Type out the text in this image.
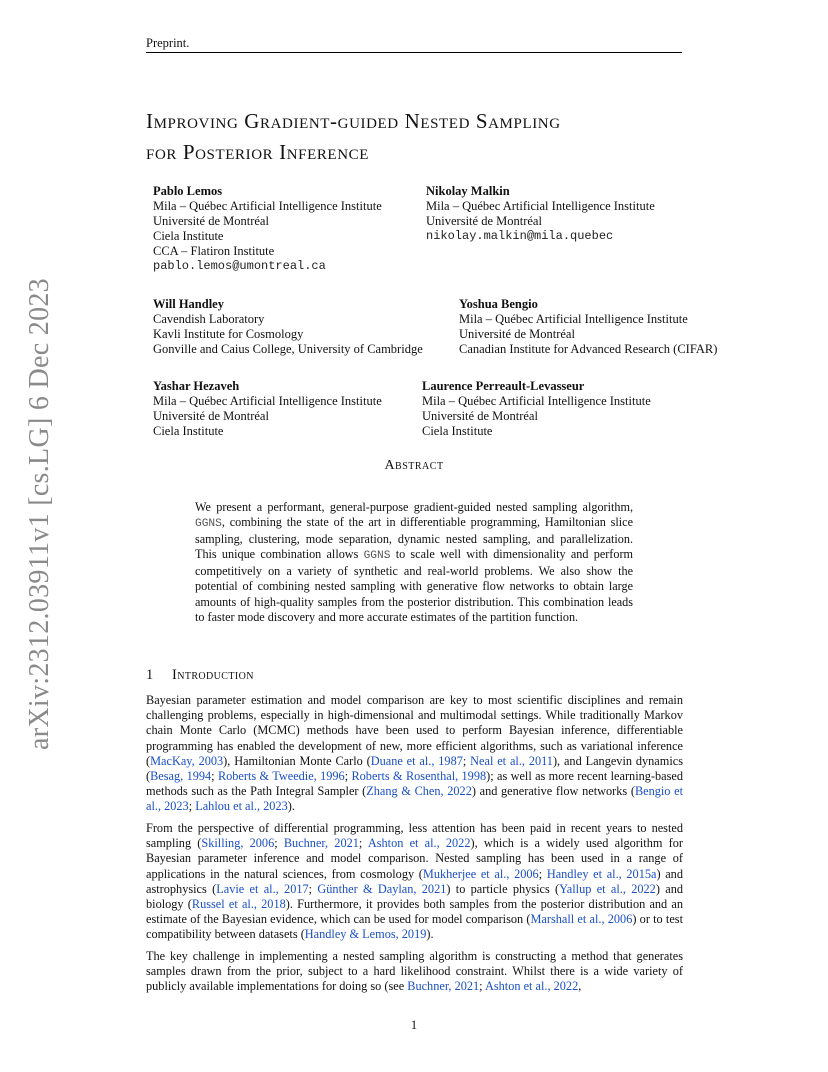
Preprint.
Improving Gradient-guided Nested Sampling
for Posterior Inference
Pablo Lemos
Mila – Québec Artificial Intelligence Institute
Université de Montréal
Ciela Institute
CCA – Flatiron Institute
pablo.lemos@umontreal.ca
Nikolay Malkin
Mila – Québec Artificial Intelligence Institute
Université de Montréal
nikolay.malkin@mila.quebec
Will Handley
Cavendish Laboratory
Kavli Institute for Cosmology
Gonville and Caius College, University of Cambridge
Yoshua Bengio
Mila – Québec Artificial Intelligence Institute
Université de Montréal
Canadian Institute for Advanced Research (CIFAR)
Yashar Hezaveh
Mila – Québec Artificial Intelligence Institute
Université de Montréal
Ciela Institute
Laurence Perreault-Levasseur
Mila – Québec Artificial Intelligence Institute
Université de Montréal
Ciela Institute
Abstract
We present a performant, general-purpose gradient-guided nested sampling algorithm, GGNS, combining the state of the art in differentiable programming, Hamiltonian slice sampling, clustering, mode separation, dynamic nested sampling, and parallelization. This unique combination allows GGNS to scale well with dimensionality and perform competitively on a variety of synthetic and real-world problems. We also show the potential of combining nested sampling with generative flow networks to obtain large amounts of high-quality samples from the posterior distribution. This combination leads to faster mode discovery and more accurate estimates of the partition function.
1 Introduction
Bayesian parameter estimation and model comparison are key to most scientific disciplines and remain challenging problems, especially in high-dimensional and multimodal settings. While traditionally Markov chain Monte Carlo (MCMC) methods have been used to perform Bayesian inference, differentiable programming has enabled the development of new, more efficient algorithms, such as variational inference (MacKay, 2003), Hamiltonian Monte Carlo (Duane et al., 1987; Neal et al., 2011), and Langevin dynamics (Besag, 1994; Roberts & Tweedie, 1996; Roberts & Rosenthal, 1998); as well as more recent learning-based methods such as the Path Integral Sampler (Zhang & Chen, 2022) and generative flow networks (Bengio et al., 2023; Lahlou et al., 2023).
From the perspective of differential programming, less attention has been paid in recent years to nested sampling (Skilling, 2006; Buchner, 2021; Ashton et al., 2022), which is a widely used algorithm for Bayesian parameter inference and model comparison. Nested sampling has been used in a range of applications in the natural sciences, from cosmology (Mukherjee et al., 2006; Handley et al., 2015a) and astrophysics (Lavie et al., 2017; Günther & Daylan, 2021) to particle physics (Yallup et al., 2022) and biology (Russel et al., 2018). Furthermore, it provides both samples from the posterior distribution and an estimate of the Bayesian evidence, which can be used for model comparison (Marshall et al., 2006) or to test compatibility between datasets (Handley & Lemos, 2019).
The key challenge in implementing a nested sampling algorithm is constructing a method that generates samples drawn from the prior, subject to a hard likelihood constraint. Whilst there is a wide variety of publicly available implementations for doing so (see Buchner, 2021; Ashton et al., 2022,
arXiv:2312.03911v1 [cs.LG] 6 Dec 2023
1
